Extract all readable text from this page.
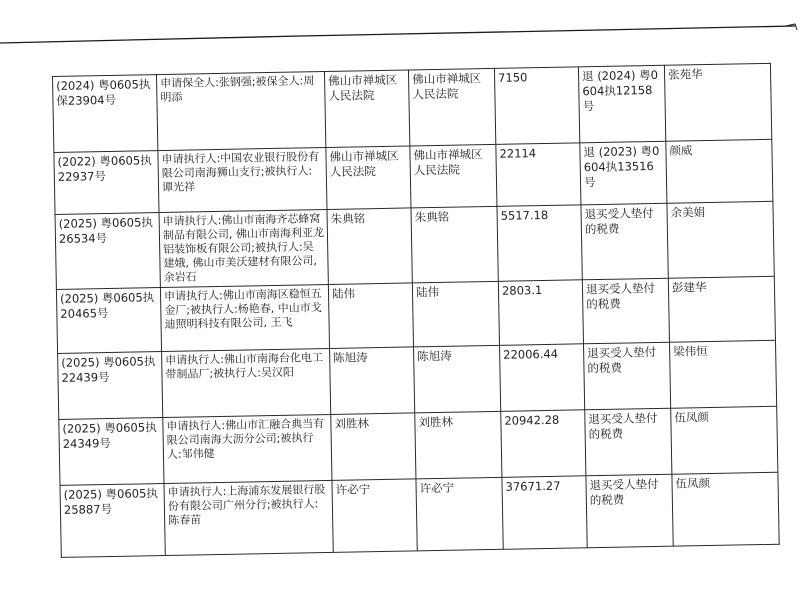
(2024) 粤0605执保23904号	申请保全人:张钢强;被保全人:周明添	佛山市禅城区人民法院	佛山市禅城区人民法院	7150	退 (2024) 粤0604执12158号	张苑华
(2022) 粤0605执22937号	申请执行人:中国农业银行股份有限公司南海狮山支行;被执行人:谭光祥	佛山市禅城区人民法院	佛山市禅城区人民法院	22114	退 (2023) 粤0604执13516号	颜威
(2025) 粤0605执26534号	申请执行人:佛山市南海齐芯蜂窝制品有限公司, 佛山市南海利亚龙铝装饰板有限公司;被执行人:吴建娥, 佛山市美沃建材有限公司, 余岩石	朱典铭	朱典铭	5517.18	退买受人垫付的税费	余美娟
(2025) 粤0605执20465号	申请执行人:佛山市南海区稳恒五金厂;被执行人:杨艳春, 中山市戈迪照明科技有限公司, 王飞	陆伟	陆伟	2803.1	退买受人垫付的税费	彭建华
(2025) 粤0605执22439号	申请执行人:佛山市南海台化电工带制品厂;被执行人:吴汉阳	陈旭涛	陈旭涛	22006.44	退买受人垫付的税费	梁伟恒
(2025) 粤0605执24349号	申请执行人:佛山市汇融合典当有限公司南海大沥分公司;被执行人:邹伟健	刘胜林	刘胜林	20942.28	退买受人垫付的税费	伍凤颜
(2025) 粤0605执25887号	申请执行人:上海浦东发展银行股份有限公司广州分行;被执行人:陈春苗	许必宁	许必宁	37671.27	退买受人垫付的税费	伍凤颜
